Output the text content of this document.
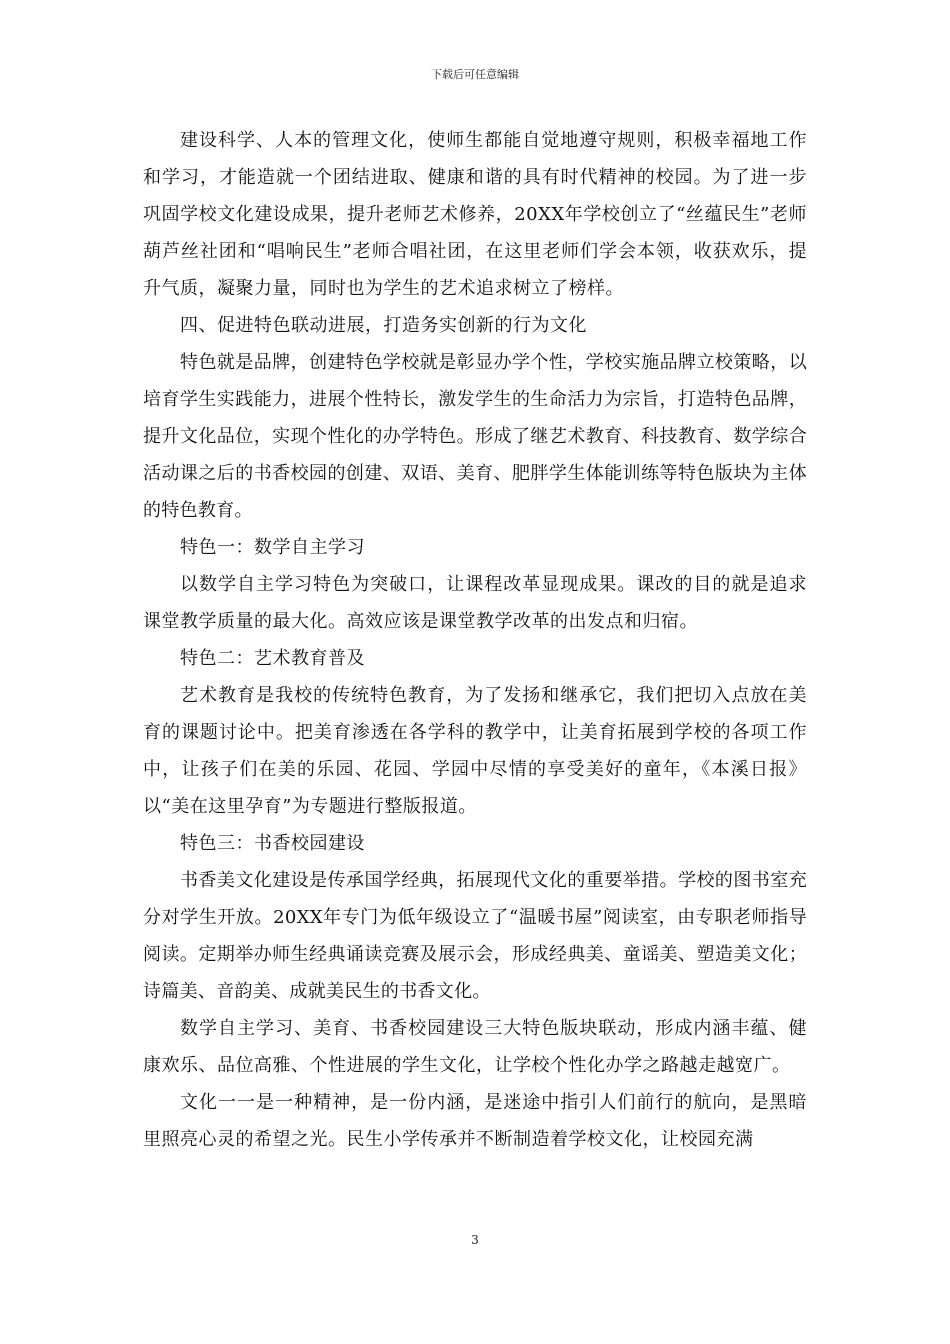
下载后可任意编辑

建设科学、人本的管理文化，使师生都能自觉地遵守规则，积极幸福地工作和学习，才能造就一个团结进取、健康和谐的具有时代精神的校园。为了进一步巩固学校文化建设成果，提升老师艺术修养，20XX年学校创立了“丝蕴民生”老师葫芦丝社团和“唱响民生”老师合唱社团，在这里老师们学会本领，收获欢乐，提升气质，凝聚力量，同时也为学生的艺术追求树立了榜样。

四、促进特色联动进展，打造务实创新的行为文化

特色就是品牌，创建特色学校就是彰显办学个性，学校实施品牌立校策略，以培育学生实践能力，进展个性特长，激发学生的生命活力为宗旨，打造特色品牌，提升文化品位，实现个性化的办学特色。形成了继艺术教育、科技教育、数学综合活动课之后的书香校园的创建、双语、美育、肥胖学生体能训练等特色版块为主体的特色教育。

特色一：数学自主学习

以数学自主学习特色为突破口，让课程改革显现成果。课改的目的就是追求课堂教学质量的最大化。高效应该是课堂教学改革的出发点和归宿。

特色二：艺术教育普及

艺术教育是我校的传统特色教育，为了发扬和继承它，我们把切入点放在美育的课题讨论中。把美育渗透在各学科的教学中，让美育拓展到学校的各项工作中，让孩子们在美的乐园、花园、学园中尽情的享受美好的童年，《本溪日报》以“美在这里孕育”为专题进行整版报道。

特色三：书香校园建设

书香美文化建设是传承国学经典，拓展现代文化的重要举措。学校的图书室充分对学生开放。20XX年专门为低年级设立了“温暖书屋”阅读室，由专职老师指导阅读。定期举办师生经典诵读竞赛及展示会，形成经典美、童谣美、塑造美文化；诗篇美、音韵美、成就美民生的书香文化。

数学自主学习、美育、书香校园建设三大特色版块联动，形成内涵丰蕴、健康欢乐、品位高雅、个性进展的学生文化，让学校个性化办学之路越走越宽广。

文化一一是一种精神，是一份内涵，是迷途中指引人们前行的航向，是黑暗里照亮心灵的希望之光。民生小学传承并不断制造着学校文化，让校园充满

3
